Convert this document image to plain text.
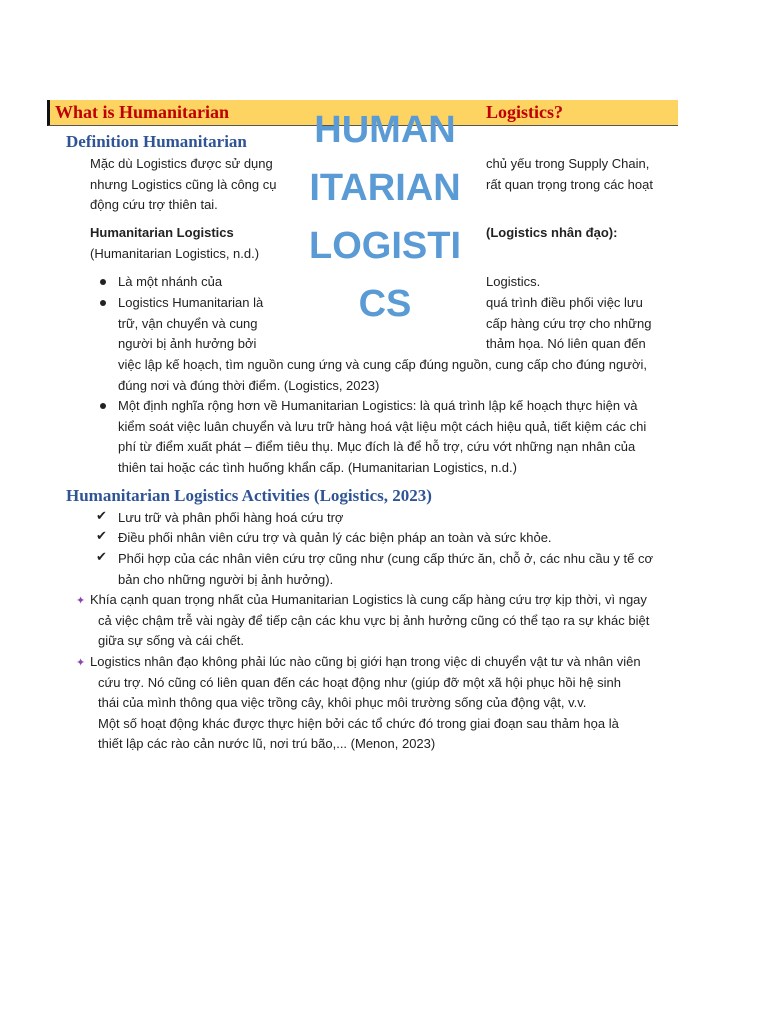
What is Humanitarian	Logistics?
Definition Humanitarian
Mặc dù Logistics được sử dụng
nhưng Logistics cũng là công cụ
động cứu trợ thiên tai.
chủ yếu trong Supply Chain,
rất quan trọng trong các hoạt
Humanitarian Logistics	(Logistics nhân đạo):
(Humanitarian Logistics, n.d.)
Là một nhánh của	Logistics.
Logistics Humanitarian là
trữ, vận chuyển và cung
người bị ảnh hưởng bởi
quá trình điều phối việc lưu
cấp hàng cứu trợ cho những
thảm họa. Nó liên quan đến
việc lập kế hoạch, tìm nguồn cung ứng và cung cấp đúng nguồn, cung cấp cho đúng người,
đúng nơi và đúng thời điểm. (Logistics, 2023)
Một định nghĩa rộng hơn về Humanitarian Logistics: là quá trình lập kế hoạch thực hiện và
kiểm soát việc luân chuyển và lưu trữ hàng hoá vật liệu một cách hiệu quả, tiết kiệm các chi
phí từ điểm xuất phát – điểm tiêu thụ. Mục đích là để hỗ trợ, cứu vớt những nạn nhân của
thiên tai hoặc các tình huống khẩn cấp. (Humanitarian Logistics, n.d.)
HUMAN
ITARIAN
LOGISTI
CS
Humanitarian Logistics Activities (Logistics, 2023)
✔ Lưu trữ và phân phối hàng hoá cứu trợ
✔ Điều phối nhân viên cứu trợ và quản lý các biện pháp an toàn và sức khỏe.
✔ Phối hợp của các nhân viên cứu trợ cũng như (cung cấp thức ăn, chỗ ở, các nhu cầu y tế cơ
bản cho những người bị ảnh hưởng).
✦ Khía cạnh quan trọng nhất của Humanitarian Logistics là cung cấp hàng cứu trợ kịp thời, vì ngay
cả việc chậm trễ vài ngày để tiếp cận các khu vực bị ảnh hưởng cũng có thể tạo ra sự khác biệt
giữa sự sống và cái chết.
✦ Logistics nhân đạo không phải lúc nào cũng bị giới hạn trong việc di chuyển vật tư và nhân viên
cứu trợ. Nó cũng có liên quan đến các hoạt động như (giúp đỡ một xã hội phục hồi hệ sinh
thái của mình thông qua việc trồng cây, khôi phục môi trường sống của động vật, v.v.
Một số hoạt động khác được thực hiện bởi các tổ chức đó trong giai đoạn sau thảm họa là
thiết lập các rào cản nước lũ, nơi trú bão,... (Menon, 2023)
